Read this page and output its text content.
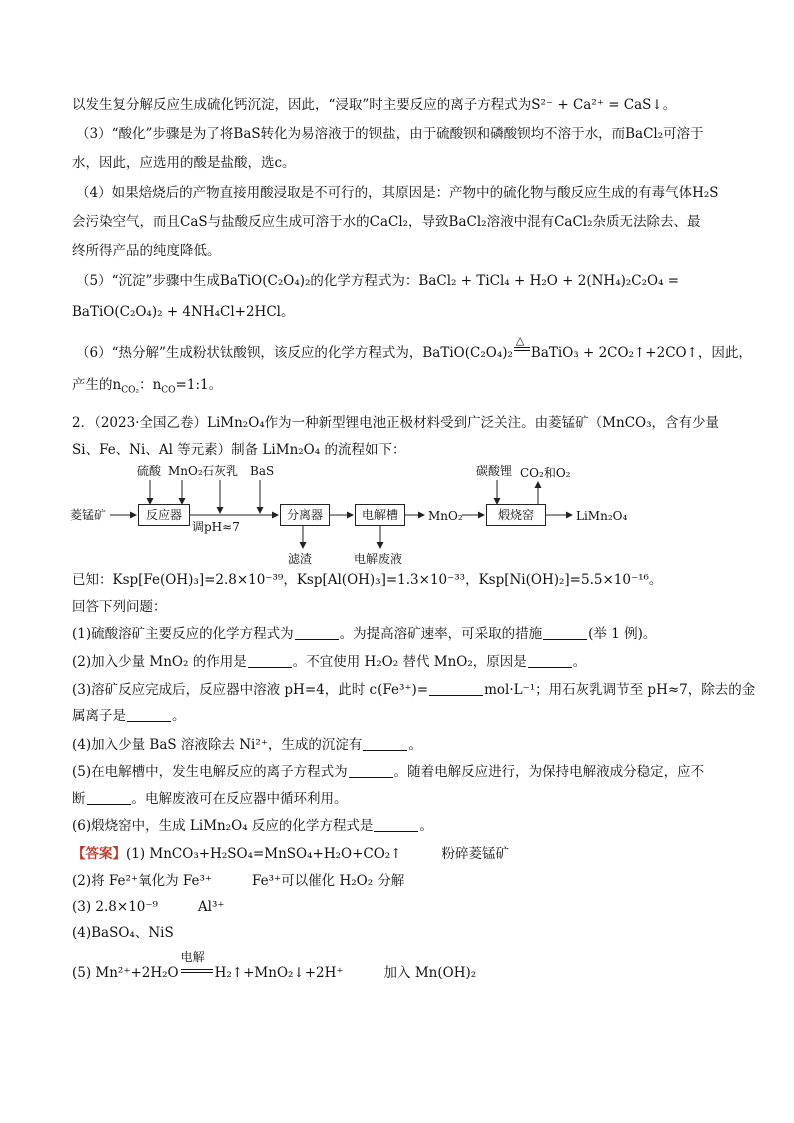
以发生复分解反应生成硫化钙沉淀，因此，“浸取”时主要反应的离子方程式为S²⁻ + Ca²⁺ = CaS↓。
（3）“酸化”步骤是为了将BaS转化为易溶液于的钡盐，由于硫酸钡和磷酸钡均不溶于水，而BaCl₂可溶于
水，因此，应选用的酸是盐酸，选c。
（4）如果焙烧后的产物直接用酸浸取是不可行的，其原因是：产物中的硫化物与酸反应生成的有毒气体H₂S
会污染空气，而且CaS与盐酸反应生成可溶于水的CaCl₂，导致BaCl₂溶液中混有CaCl₂杂质无法除去、最
终所得产品的纯度降低。
（5）“沉淀”步骤中生成BaTiO(C₂O₄)₂的化学方程式为：BaCl₂ + TiCl₄ + H₂O + 2(NH₄)₂C₂O₄ =
BaTiO(C₂O₄)₂ + 4NH₄Cl+2HCl。
（6）“热分解”生成粉状钛酸钡，该反应的化学方程式为，BaTiO(C₂O₄)₂
△
BaTiO₃ + 2CO₂↑+2CO↑，因此，
产生的$n_{CO_2}$：$n_{CO}=1:1$。
2．（2023·全国乙卷）LiMn₂O₄作为一种新型锂电池正极材料受到广泛关注。由菱锰矿（MnCO₃，含有少量
Si、Fe、Ni、Al 等元素）制备 LiMn₂O₄ 的流程如下：
菱锰矿	反应器	分离器	电解槽	煅烧窑
硫酸 MnO₂ 石灰乳 BaS
调pH≈7
滤渣	电解废液
MnO₂
碳酸锂 CO₂和O₂
LiMn₂O₄
已知：Ksp[Fe(OH)₃]=2.8×10⁻³⁹，Ksp[Al(OH)₃]=1.3×10⁻³³，Ksp[Ni(OH)₂]=5.5×10⁻¹⁶。
回答下列问题：
(1)硫酸溶矿主要反应的化学方程式为	。为提高溶矿速率，可采取的措施	(举 1 例)。
(2)加入少量 MnO₂ 的作用是	。不宜使用 H₂O₂ 替代 MnO₂，原因是	。
(3)溶矿反应完成后，反应器中溶液 pH=4，此时 c(Fe³⁺)=	mol·L⁻¹；用石灰乳调节至 pH≈7，除去的金
属离子是	。
(4)加入少量 BaS 溶液除去 Ni²⁺，生成的沉淀有	。
(5)在电解槽中，发生电解反应的离子方程式为	。随着电解反应进行，为保持电解液成分稳定，应不
断	。电解废液可在反应器中循环利用。
(6)煅烧窑中，生成 LiMn₂O₄ 反应的化学方程式是	。
【答案】(1) MnCO₃+H₂SO₄=MnSO₄+H₂O+CO₂↑	粉碎菱锰矿
(2)将 Fe²⁺氧化为 Fe³⁺	Fe³⁺可以催化 H₂O₂ 分解
(3) 2.8×10⁻⁹	Al³⁺
(4)BaSO₄、NiS
(5) Mn²⁺+2H₂O
电解
H₂↑+MnO₂↓+2H⁺	加入 Mn(OH)₂
